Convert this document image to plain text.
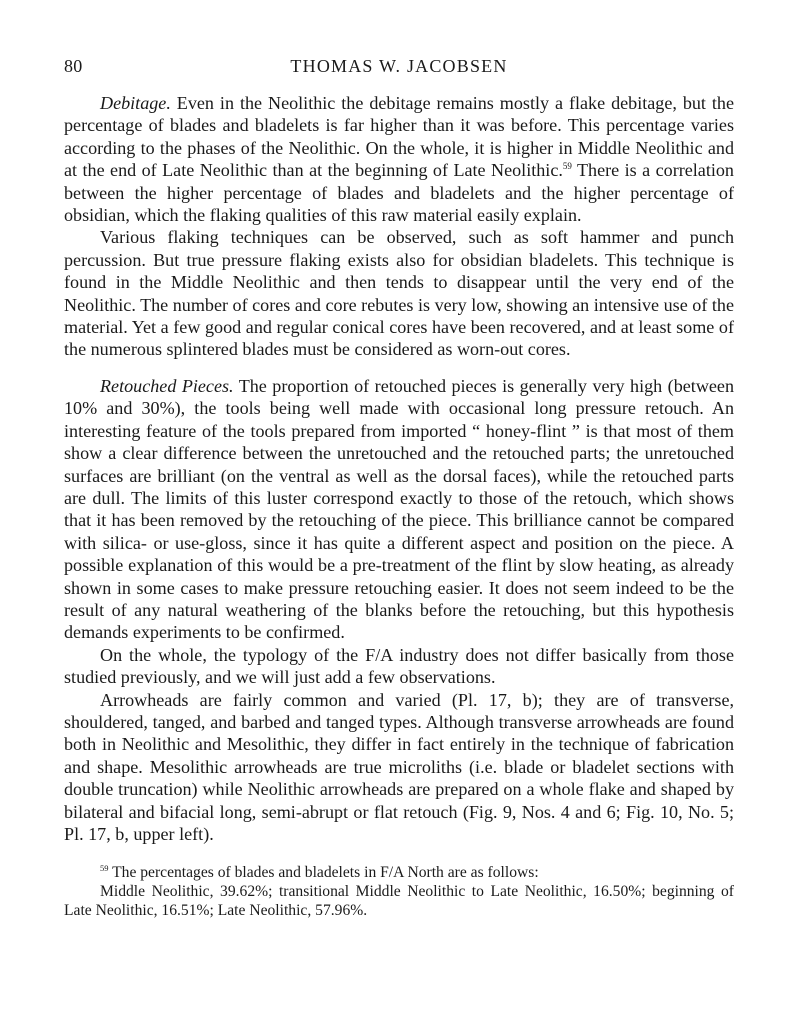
80	THOMAS W. JACOBSEN

Debitage. Even in the Neolithic the debitage remains mostly a flake debitage, but the percentage of blades and bladelets is far higher than it was before. This percentage varies according to the phases of the Neolithic. On the whole, it is higher in Middle Neolithic and at the end of Late Neolithic than at the beginning of Late Neolithic.$^{59}$ There is a correlation between the higher percentage of blades and bladelets and the higher percentage of obsidian, which the flaking qualities of this raw material easily explain.

Various flaking techniques can be observed, such as soft hammer and punch percussion. But true pressure flaking exists also for obsidian bladelets. This technique is found in the Middle Neolithic and then tends to disappear until the very end of the Neolithic. The number of cores and core rebutes is very low, showing an intensive use of the material. Yet a few good and regular conical cores have been recovered, and at least some of the numerous splintered blades must be considered as worn-out cores.

Retouched Pieces. The proportion of retouched pieces is generally very high (between 10% and 30%), the tools being well made with occasional long pressure retouch. An interesting feature of the tools prepared from imported “ honey-flint ” is that most of them show a clear difference between the unretouched and the retouched parts; the unretouched surfaces are brilliant (on the ventral as well as the dorsal faces), while the retouched parts are dull. The limits of this luster correspond exactly to those of the retouch, which shows that it has been removed by the retouching of the piece. This brilliance cannot be compared with silica- or use-gloss, since it has quite a different aspect and position on the piece. A possible explanation of this would be a pre-treatment of the flint by slow heating, as already shown in some cases to make pressure retouching easier. It does not seem indeed to be the result of any natural weathering of the blanks before the retouching, but this hypothesis demands experiments to be confirmed.

On the whole, the typology of the F/A industry does not differ basically from those studied previously, and we will just add a few observations.

Arrowheads are fairly common and varied (Pl. 17, b); they are of transverse, shouldered, tanged, and barbed and tanged types. Although transverse arrowheads are found both in Neolithic and Mesolithic, they differ in fact entirely in the technique of fabrication and shape. Mesolithic arrowheads are true microliths (i.e. blade or bladelet sections with double truncation) while Neolithic arrowheads are prepared on a whole flake and shaped by bilateral and bifacial long, semi-abrupt or flat retouch (Fig. 9, Nos. 4 and 6; Fig. 10, No. 5; Pl. 17, b, upper left).

$^{59}$ The percentages of blades and bladelets in F/A North are as follows:

Middle Neolithic, 39.62%; transitional Middle Neolithic to Late Neolithic, 16.50%; beginning of Late Neolithic, 16.51%; Late Neolithic, 57.96%.
